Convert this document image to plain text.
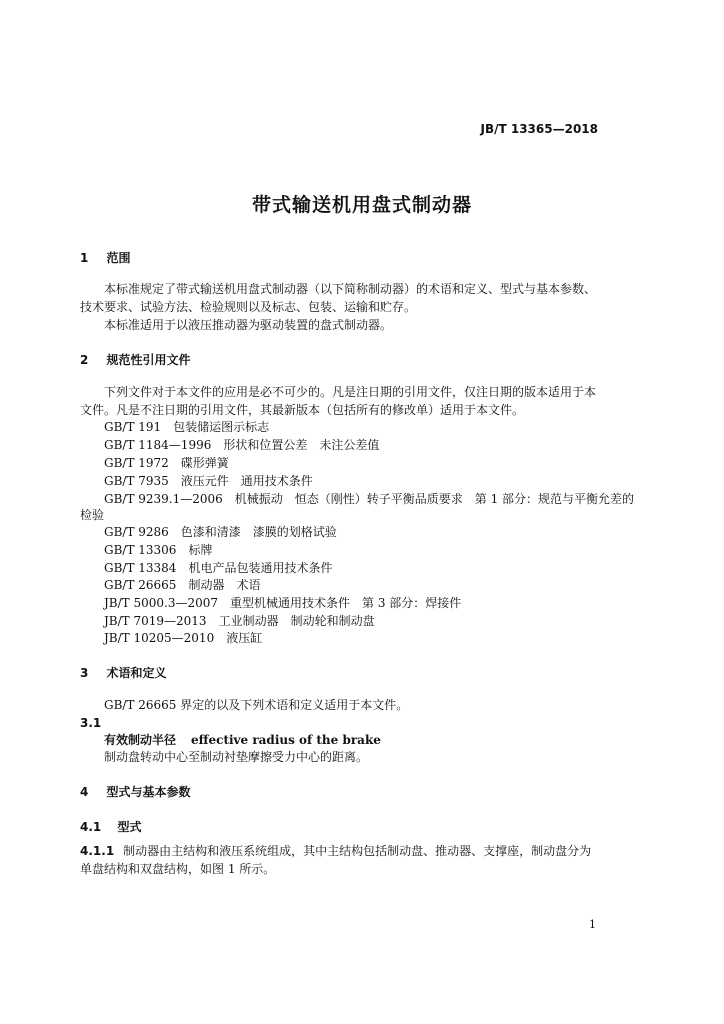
JB/T 13365—2018
带式输送机用盘式制动器
1 范围
本标准规定了带式输送机用盘式制动器（以下简称制动器）的术语和定义、型式与基本参数、技术要求、试验方法、检验规则以及标志、包装、运输和贮存。
本标准适用于以液压推动器为驱动装置的盘式制动器。
2 规范性引用文件
下列文件对于本文件的应用是必不可少的。凡是注日期的引用文件，仅注日期的版本适用于本文件。凡是不注日期的引用文件，其最新版本（包括所有的修改单）适用于本文件。
GB/T 191　包装储运图示标志
GB/T 1184—1996　形状和位置公差　未注公差值
GB/T 1972　碟形弹簧
GB/T 7935　液压元件　通用技术条件
GB/T 9239.1—2006　机械振动　恒态（刚性）转子平衡品质要求　第 1 部分：规范与平衡允差的
检验
GB/T 9286　色漆和清漆　漆膜的划格试验
GB/T 13306　标牌
GB/T 13384　机电产品包装通用技术条件
GB/T 26665　制动器　术语
JB/T 5000.3—2007　重型机械通用技术条件　第 3 部分：焊接件
JB/T 7019—2013　工业制动器　制动轮和制动盘
JB/T 10205—2010　液压缸
3 术语和定义
GB/T 26665 界定的以及下列术语和定义适用于本文件。
3.1
有效制动半径 effective radius of the brake
制动盘转动中心至制动衬垫摩擦受力中心的距离。
4 型式与基本参数
4.1 型式
4.1.1 制动器由主结构和液压系统组成，其中主结构包括制动盘、推动器、支撑座，制动盘分为单盘结构和双盘结构，如图 1 所示。
1
